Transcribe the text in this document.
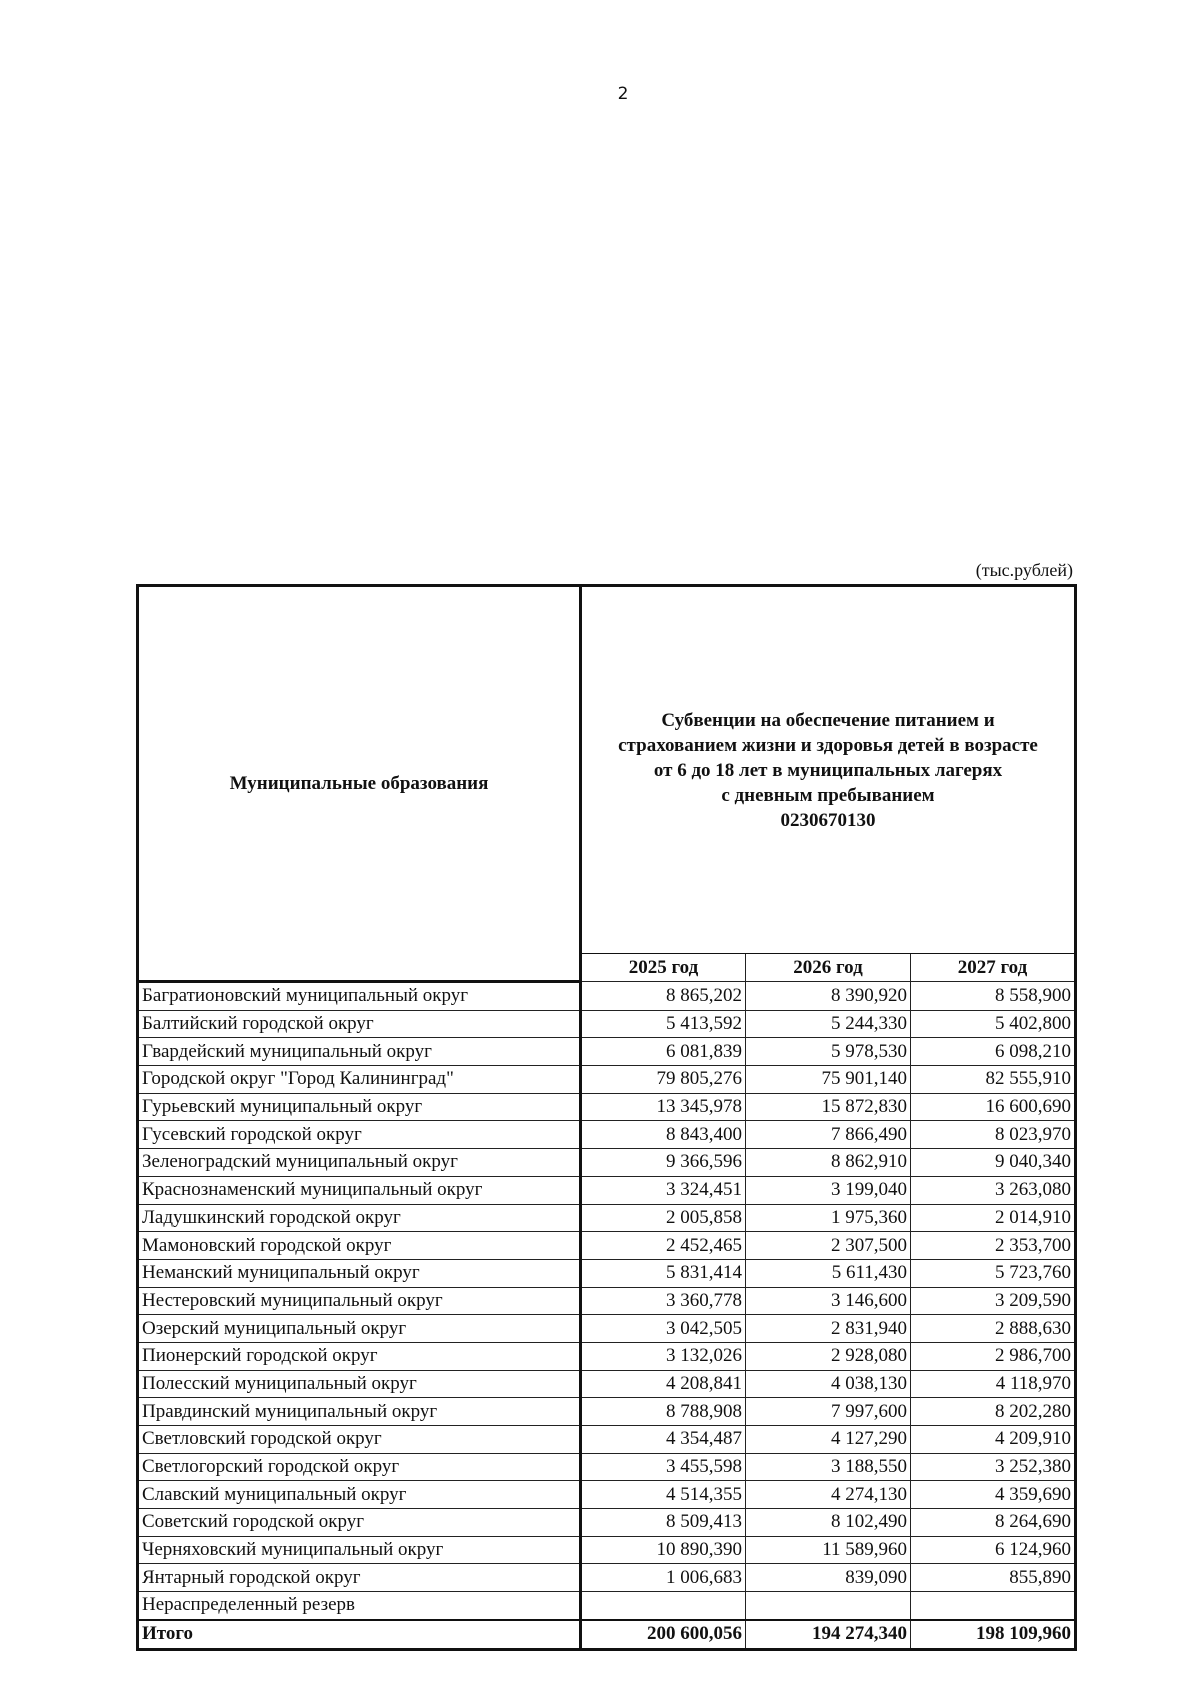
2
(тыс.рублей)
Муниципальные образования	Субвенции на обеспечение питанием и
страхованием жизни и здоровья детей в возрасте
от 6 до 18 лет в муниципальных лагерях
с дневным пребыванием
0230670130		

	2025 год	2026 год	2027 год
Багратионовский муниципальный округ	8 865,202	8 390,920	8 558,900
Балтийский городской округ	5 413,592	5 244,330	5 402,800
Гвардейский муниципальный округ	6 081,839	5 978,530	6 098,210
Городской округ "Город Калининград"	79 805,276	75 901,140	82 555,910
Гурьевский муниципальный округ	13 345,978	15 872,830	16 600,690
Гусевский городской округ	8 843,400	7 866,490	8 023,970
Зеленоградский муниципальный округ	9 366,596	8 862,910	9 040,340
Краснознаменский муниципальный округ	3 324,451	3 199,040	3 263,080
Ладушкинский городской округ	2 005,858	1 975,360	2 014,910
Мамоновский городской округ	2 452,465	2 307,500	2 353,700
Неманский муниципальный округ	5 831,414	5 611,430	5 723,760
Нестеровский муниципальный округ	3 360,778	3 146,600	3 209,590
Озерский муниципальный округ	3 042,505	2 831,940	2 888,630
Пионерский городской округ	3 132,026	2 928,080	2 986,700
Полесский муниципальный округ	4 208,841	4 038,130	4 118,970
Правдинский муниципальный округ	8 788,908	7 997,600	8 202,280
Светловский городской округ	4 354,487	4 127,290	4 209,910
Светлогорский городской округ	3 455,598	3 188,550	3 252,380
Славский муниципальный округ	4 514,355	4 274,130	4 359,690
Советский городской округ	8 509,413	8 102,490	8 264,690
Черняховский муниципальный округ	10 890,390	11 589,960	6 124,960
Янтарный городской округ	1 006,683	839,090	855,890
Нераспределенный резерв			
Итого	200 600,056	194 274,340	198 109,960
